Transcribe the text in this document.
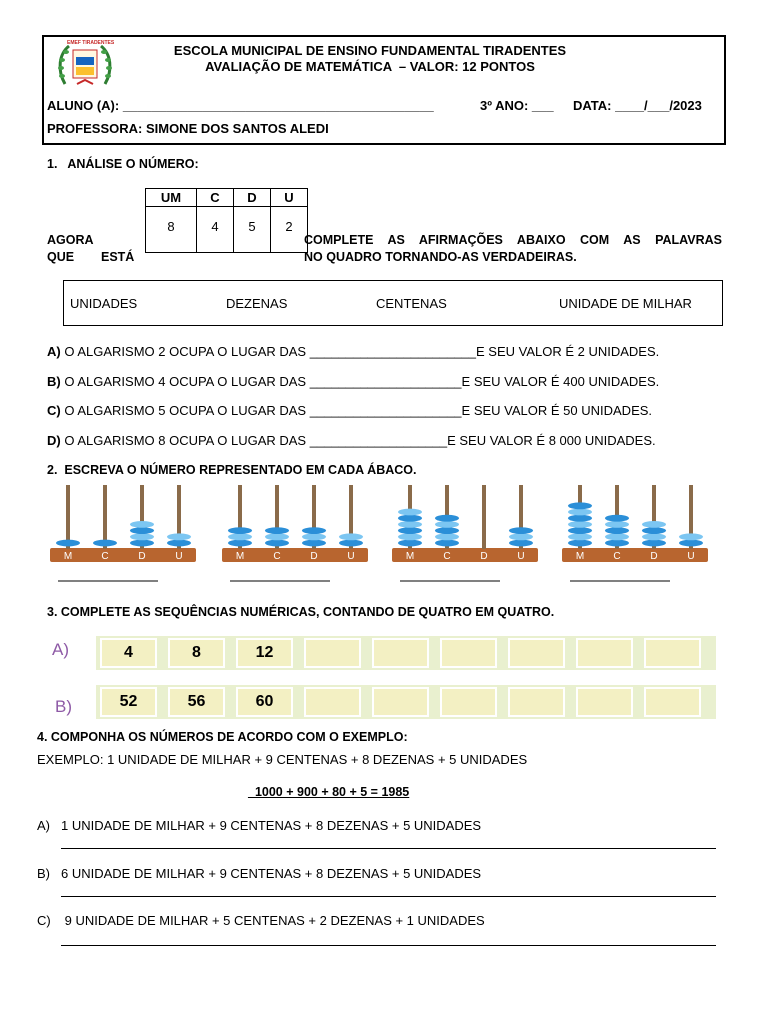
EMEF TIRADENTES	ESCOLA MUNICIPAL DE ENSINO FUNDAMENTAL TIRADENTES
AVALIAÇÃO DE MATEMÁTICA  – VALOR: 12 PONTOS
ALUNO (A): ___________________________________________	3º ANO: ___ DATA: ____/___/2023
PROFESSORA: SIMONE DOS SANTOS ALEDI
1.   ANÁLISE O NÚMERO:
UM	C	D	U
8	4	5	2
AGORA
QUE ESTÁ
COMPLETE AS AFIRMAÇÕES ABAIXO COM AS PALAVRAS
NO QUADRO TORNANDO-AS VERDADEIRAS.
UNIDADES	DEZENAS	CENTENAS	UNIDADE DE MILHAR
A) O ALGARISMO 2 OCUPA O LUGAR DAS _______________________E SEU VALOR É 2 UNIDADES.
B) O ALGARISMO 4 OCUPA O LUGAR DAS _____________________E SEU VALOR É 400 UNIDADES.
C) O ALGARISMO 5 OCUPA O LUGAR DAS _____________________E SEU VALOR É 50 UNIDADES.
D) O ALGARISMO 8 OCUPA O LUGAR DAS ___________________E SEU VALOR É 8 000 UNIDADES.
2.  ESCREVA O NÚMERO REPRESENTADO EM CADA ÁBACO.
M	C	D	U	M	C	D	U	M	C	D	U	M	C	D	U
3. COMPLETE AS SEQUÊNCIAS NUMÉRICAS, CONTANDO DE QUATRO EM QUATRO.
A)
B)
4	8	12
52	56	60
4. COMPONHA OS NÚMEROS DE ACORDO COM O EXEMPLO:
EXEMPLO: 1 UNIDADE DE MILHAR + 9 CENTENAS + 8 DEZENAS + 5 UNIDADES
_1000 + 900 + 80 + 5 = 1985
A) 1 UNIDADE DE MILHAR + 9 CENTENAS + 8 DEZENAS + 5 UNIDADES
B) 6 UNIDADE DE MILHAR + 9 CENTENAS + 8 DEZENAS + 5 UNIDADES
C) 9 UNIDADE DE MILHAR + 5 CENTENAS + 2 DEZENAS + 1 UNIDADES
